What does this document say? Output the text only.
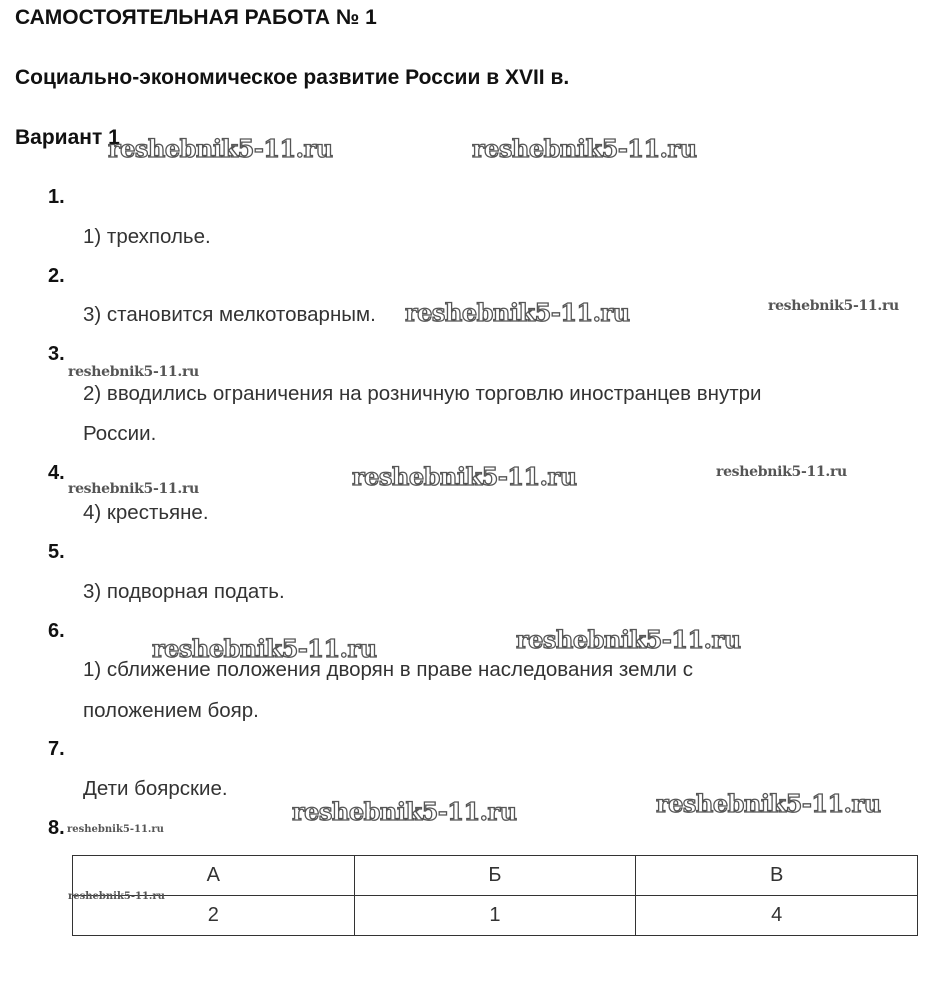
САМОСТОЯТЕЛЬНАЯ РАБОТА № 1
Социально-экономическое развитие России в XVII в.
Вариант 1
1.
1) трехполье.
2.
3) становится мелкотоварным.
3.
2) вводились ограничения на розничную торговлю иностранцев внутри
России.
4.
4) крестьяне.
5.
3) подворная подать.
6.
1) сближение положения дворян в праве наследования земли с
положением бояр.
7.
Дети боярские.
8.
А	Б	В
2	1	4
reshebnik5-11.ru	reshebnik5-11.ru
reshebnik5-11.ru	reshebnik5-11.ru
reshebnik5-11.ru
reshebnik5-11.ru	reshebnik5-11.ru
reshebnik5-11.ru
reshebnik5-11.ru	reshebnik5-11.ru
reshebnik5-11.ru	reshebnik5-11.ru
reshebnik5-11.ru
reshebnik5-11.ru
